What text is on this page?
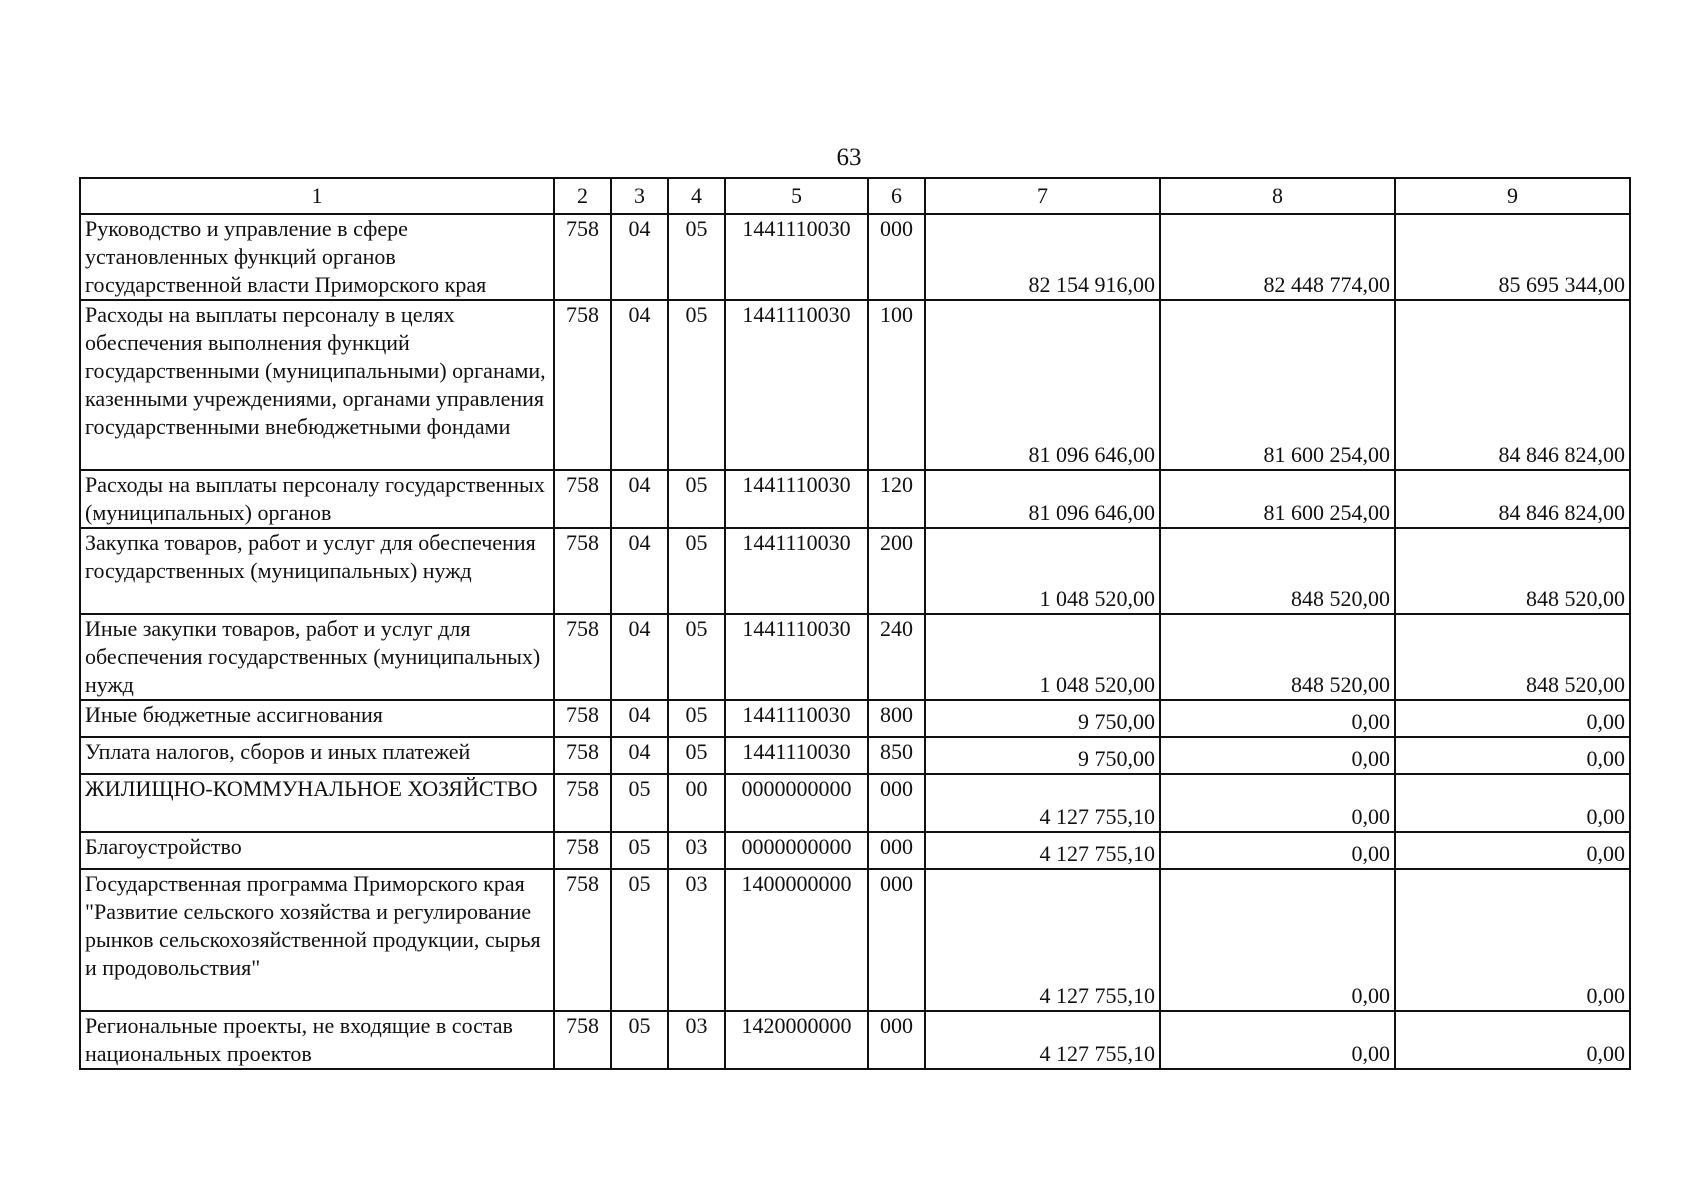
63
1	2	3	4	5	6	7	8	9
Руководство и управление в сфере установленных функций органов государственной власти Приморского края	758	04	05	1441110030	000	82 154 916,00	82 448 774,00	85 695 344,00
Расходы на выплаты персоналу в целях обеспечения выполнения функций государственными (муниципальными) органами, казенными учреждениями, органами управления государственными внебюджетными фондами	758	04	05	1441110030	100	81 096 646,00	81 600 254,00	84 846 824,00
Расходы на выплаты персоналу государственных (муниципальных) органов	758	04	05	1441110030	120	81 096 646,00	81 600 254,00	84 846 824,00
Закупка товаров, работ и услуг для обеспечения государственных (муниципальных) нужд	758	04	05	1441110030	200	1 048 520,00	848 520,00	848 520,00
Иные закупки товаров, работ и услуг для обеспечения государственных (муниципальных) нужд	758	04	05	1441110030	240	1 048 520,00	848 520,00	848 520,00
Иные бюджетные ассигнования	758	04	05	1441110030	800	9 750,00	0,00	0,00
Уплата налогов, сборов и иных платежей	758	04	05	1441110030	850	9 750,00	0,00	0,00
ЖИЛИЩНО-КОММУНАЛЬНОЕ ХОЗЯЙСТВО	758	05	00	0000000000	000	4 127 755,10	0,00	0,00
Благоустройство	758	05	03	0000000000	000	4 127 755,10	0,00	0,00
Государственная программа Приморского края "Развитие сельского хозяйства и регулирование рынков сельскохозяйственной продукции, сырья и продовольствия"	758	05	03	1400000000	000	4 127 755,10	0,00	0,00
Региональные проекты, не входящие в состав национальных проектов	758	05	03	1420000000	000	4 127 755,10	0,00	0,00
